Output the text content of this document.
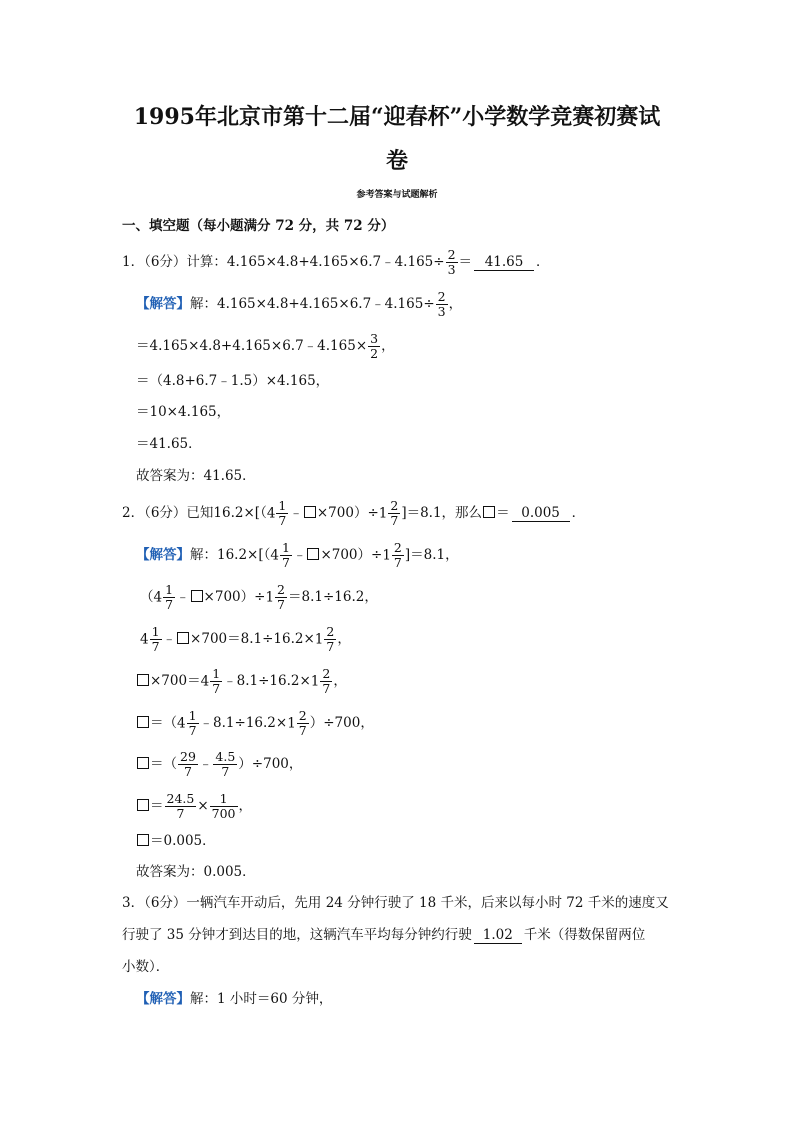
1995年北京市第十二届“迎春杯”小学数学竞赛初赛试
卷
参考答案与试题解析
一、填空题（每小题满分 72 分，共 72 分）
1．（6分）计算：4.165×4.8+4.165×6.7﹣4.165÷ $\frac{2}{3} = 41.65$ ．
【解答】解：4.165×4.8+4.165×6.7﹣4.165÷ $\frac{2}{3}$ ，
＝4.165×4.8+4.165×6.7﹣4.165× $\frac{3}{2}$ ，
＝（4.8+6.7﹣1.5）×4.165，
＝10×4.165，
＝41.65．
故答案为：41.65．
2．（6分）已知$16.2\times[(4 \frac{1}{7}$ ﹣ $\times 700)\div 1 \frac{2}{7} ]=8.1$，那么 ＝ 0.005 ．
【解答】解：$16.2\times[(4 \frac{1}{7}$ ﹣ $\times 700)\div 1 \frac{2}{7} ]=8.1$，
（$4 \frac{1}{7}$ ﹣ $\times 700)\div 1 \frac{2}{7} =8.1\div 16.2$，
$4 \frac{1}{7}$ ﹣ $\times 700=8.1\div 16.2\times 1 \frac{2}{7}$ ，
$\times 700=4 \frac{1}{7}$ ﹣8.1÷16.2×1 $\frac{2}{7}$ ，
$=(4 \frac{1}{7}$ ﹣8.1÷16.2×1 $\frac{2}{7} )\div 700$，
＝（ $\frac{29}{7}$ ﹣ $\frac{4.5}{7} )\div 700$，
＝ $\frac{24.5}{7} \times \frac{1}{700}$ ，
＝0.005．
故答案为：0.005．
3．（6分）一辆汽车开动后，先用 24 分钟行驶了 18 千米，后来以每小时 72 千米的速度又
行驶了 35 分钟才到达目的地，这辆汽车平均每分钟约行驶 1.02 千米（得数保留两位
小数）．
【解答】解：1 小时＝60 分钟，
